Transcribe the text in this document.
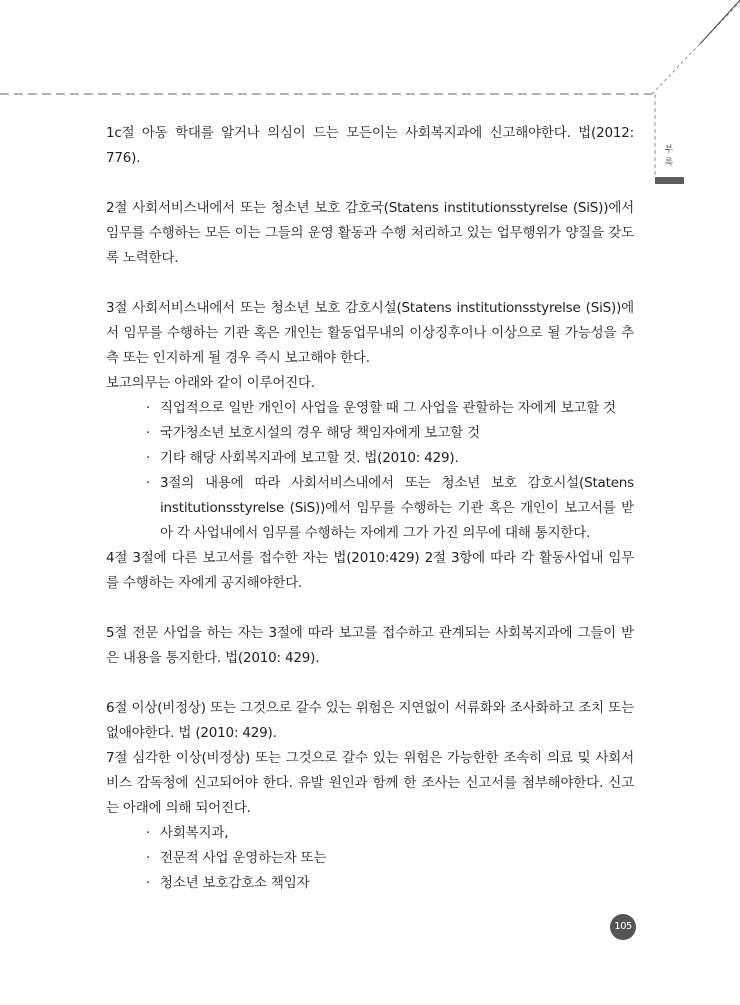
부
록

1c절 아동 학대를 알거나 의심이 드는 모든이는 사회복지과에 신고해야한다. 법(2012: 776).

2절 사회서비스내에서 또는 청소년 보호 감호국(Statens institutionsstyrelse (SiS))에서 임무를 수행하는 모든 이는 그들의 운영 활동과 수행 처리하고 있는 업무행위가 양질을 갖도록 노력한다.

3절 사회서비스내에서 또는 청소년 보호 감호시설(Statens institutionsstyrelse (SiS))에서 임무를 수행하는 기관 혹은 개인는 활동업무내의 이상징후이나 이상으로 될 가능성을 추측 또는 인지하게 될 경우 즉시 보고해야 한다.

보고의무는 아래와 같이 이루어진다.

· 직업적으로 일반 개인이 사업을 운영할 때 그 사업을 관할하는 자에게 보고할 것
· 국가청소년 보호시설의 경우 해당 책임자에게 보고할 것
· 기타 해당 사회복지과에 보고할 것. 법(2010: 429).
· 3절의 내용에 따라 사회서비스내에서 또는 청소년 보호 감호시설(Statens institutionsstyrelse (SiS))에서 임무를 수행하는 기관 혹은 개인이 보고서를 받아 각 사업내에서 임무를 수행하는 자에게 그가 가진 의무에 대해 통지한다.

4절 3절에 다른 보고서를 접수한 자는 법(2010:429) 2절 3항에 따라 각 활동사업내 임무를 수행하는 자에게 공지해야한다.

5절 전문 사업을 하는 자는 3절에 따라 보고를 접수하고 관계되는 사회복지과에 그들이 받은 내용을 통지한다. 법(2010: 429).

6절 이상(비정상) 또는 그것으로 갈수 있는 위험은 지연없이 서류화와 조사화하고 조치 또는 없애야한다. 법 (2010: 429).

7절 심각한 이상(비정상) 또는 그것으로 갈수 있는 위험은 가능한한 조속히 의료 및 사회서비스 감독청에 신고되어야 한다. 유발 원인과 함께 한 조사는 신고서를 첨부해야한다. 신고는 아래에 의해 되어진다.

· 사회복지과,
· 전문적 사업 운영하는자 또는
· 청소년 보호감호소 책임자
105
